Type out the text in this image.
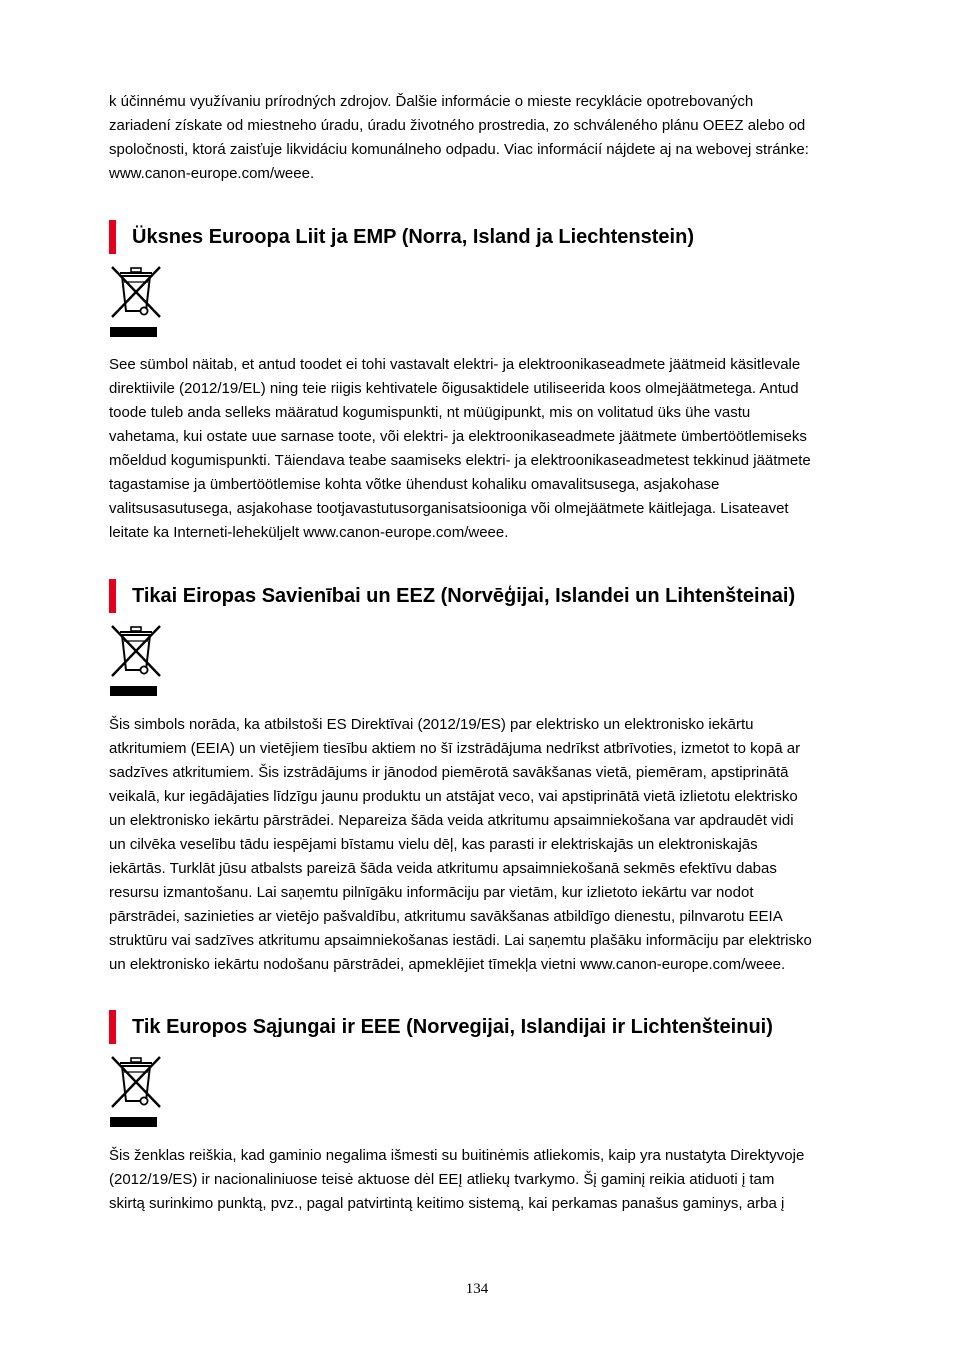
k účinnému využívaniu prírodných zdrojov. Ďalšie informácie o mieste recyklácie opotrebovaných
zariadení získate od miestneho úradu, úradu životného prostredia, zo schváleného plánu OEEZ alebo od
spoločnosti, ktorá zaisťuje likvidáciu komunálneho odpadu. Viac informácií nájdete aj na webovej stránke:
www.canon-europe.com/weee.

Üksnes Euroopa Liit ja EMP (Norra, Island ja Liechtenstein)

See sümbol näitab, et antud toodet ei tohi vastavalt elektri- ja elektroonikaseadmete jäätmeid käsitlevale
direktiivile (2012/19/EL) ning teie riigis kehtivatele õigusaktidele utiliseerida koos olmejäätmetega. Antud
toode tuleb anda selleks määratud kogumispunkti, nt müügipunkt, mis on volitatud üks ühe vastu
vahetama, kui ostate uue sarnase toote, või elektri- ja elektroonikaseadmete jäätmete ümbertöötlemiseks
mõeldud kogumispunkti. Täiendava teabe saamiseks elektri- ja elektroonikaseadmetest tekkinud jäätmete
tagastamise ja ümbertöötlemise kohta võtke ühendust kohaliku omavalitsusega, asjakohase
valitsusasutusega, asjakohase tootjavastutusorganisatsiooniga või olmejäätmete käitlejaga. Lisateavet
leitate ka Interneti-leheküljelt www.canon-europe.com/weee.

Tikai Eiropas Savienībai un EEZ (Norvēģijai, Islandei un Lihtenšteinai)

Šis simbols norāda, ka atbilstoši ES Direktīvai (2012/19/ES) par elektrisko un elektronisko iekārtu
atkritumiem (EEIA) un vietējiem tiesību aktiem no šī izstrādājuma nedrīkst atbrīvoties, izmetot to kopā ar
sadzīves atkritumiem. Šis izstrādājums ir jānodod piemērotā savākšanas vietā, piemēram, apstiprinātā
veikalā, kur iegādājaties līdzīgu jaunu produktu un atstājat veco, vai apstiprinātā vietā izlietotu elektrisko
un elektronisko iekārtu pārstrādei. Nepareiza šāda veida atkritumu apsaimniekošana var apdraudēt vidi
un cilvēka veselību tādu iespējami bīstamu vielu dēļ, kas parasti ir elektriskajās un elektroniskajās
iekārtās. Turklāt jūsu atbalsts pareizā šāda veida atkritumu apsaimniekošanā sekmēs efektīvu dabas
resursu izmantošanu. Lai saņemtu pilnīgāku informāciju par vietām, kur izlietoto iekārtu var nodot
pārstrādei, sazinieties ar vietējo pašvaldību, atkritumu savākšanas atbildīgo dienestu, pilnvarotu EEIA
struktūru vai sadzīves atkritumu apsaimniekošanas iestādi. Lai saņemtu plašāku informāciju par elektrisko
un elektronisko iekārtu nodošanu pārstrādei, apmeklējiet tīmekļa vietni www.canon-europe.com/weee.

Tik Europos Sąjungai ir EEE (Norvegijai, Islandijai ir Lichtenšteinui)

Šis ženklas reiškia, kad gaminio negalima išmesti su buitinėmis atliekomis, kaip yra nustatyta Direktyvoje
(2012/19/ES) ir nacionaliniuose teisė aktuose dėl EEĮ atliekų tvarkymo. Šį gaminį reikia atiduoti į tam
skirtą surinkimo punktą, pvz., pagal patvirtintą keitimo sistemą, kai perkamas panašus gaminys, arba į

134
